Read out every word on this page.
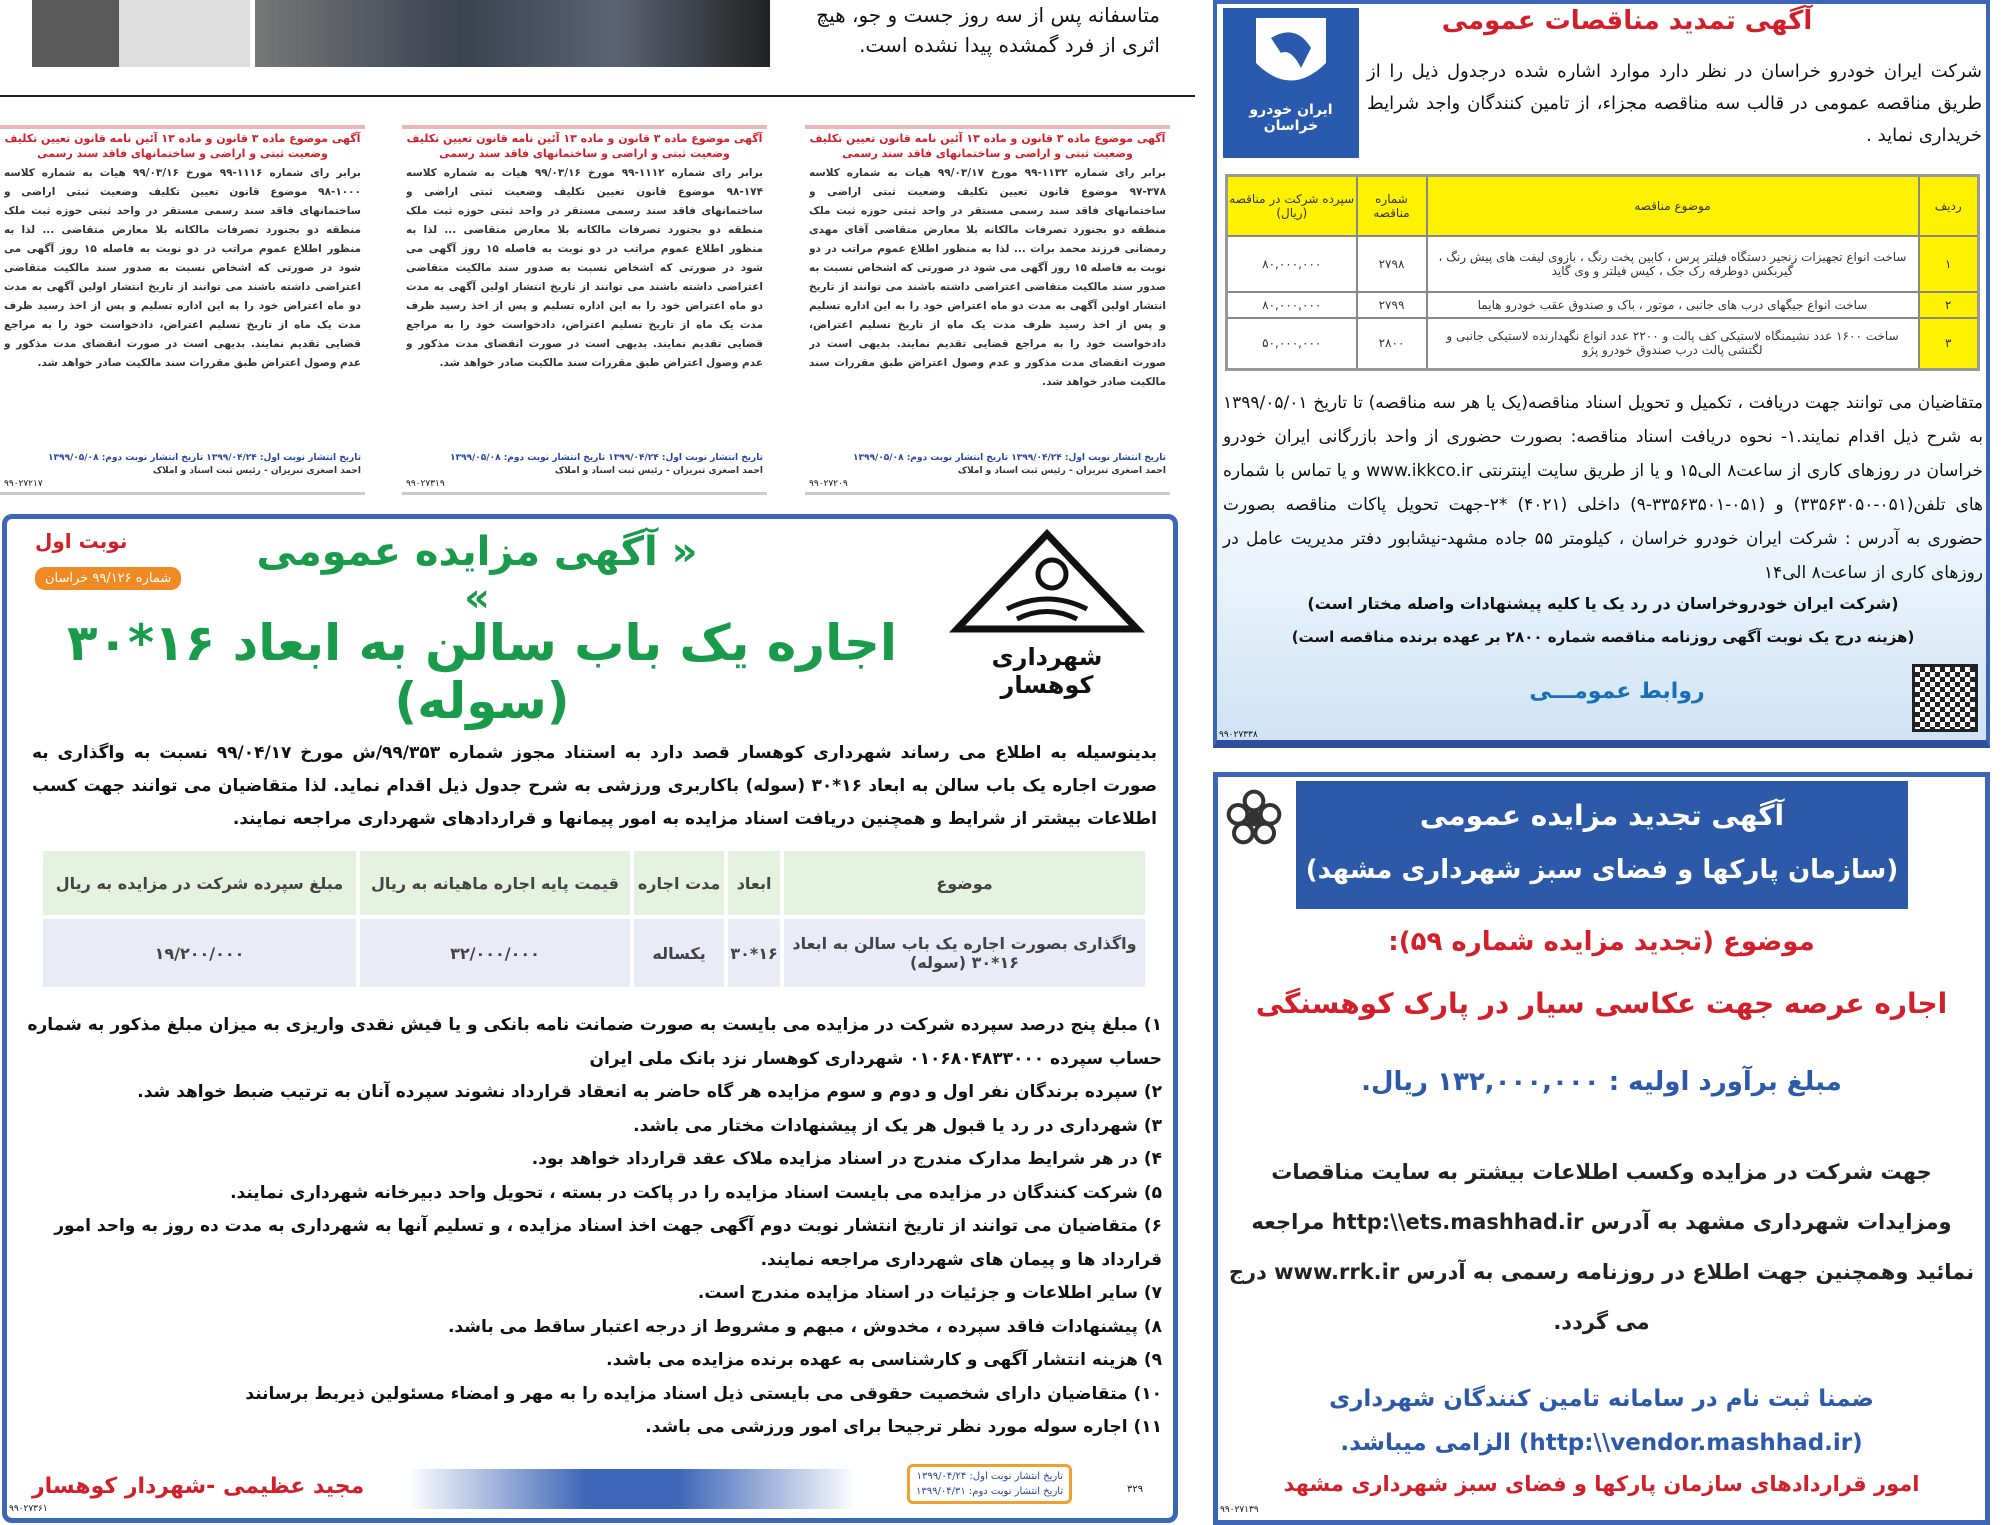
متاسفانه پس از سه روز جست و جو، هیچ اثری از فرد گمشده پیدا نشده است.
آگهی موضوع ماده ۳ قانون و ماده ۱۳ آئین نامه قانون تعیین تکلیف وضعیت ثبتی و اراضی و ساختمانهای فاقد سند رسمی
برابر رای شماره ۱۱۱۶-۹۹ مورخ ۹۹/۰۳/۱۶ هیات به شماره کلاسه ۱۰۰۰-۹۸ موضوع قانون تعیین تکلیف وضعیت ثبتی اراضی و ساختمانهای فاقد سند رسمی مستقر در واحد ثبتی حوزه ثبت ملک منطقه دو بجنورد تصرفات مالکانه بلا معارض متقاضی ... لذا به منظور اطلاع عموم مراتب در دو نوبت به فاصله ۱۵ روز آگهی می شود در صورتی که اشخاص نسبت به صدور سند مالکیت متقاضی اعتراضی داشته باشند می توانند از تاریخ انتشار اولین آگهی به مدت دو ماه اعتراض خود را به این اداره تسلیم و پس از اخذ رسید ظرف مدت یک ماه از تاریخ تسلیم اعتراض، دادخواست خود را به مراجع قضایی تقدیم نمایند. بدیهی است در صورت انقضای مدت مذکور و عدم وصول اعتراض طبق مقررات سند مالکیت صادر خواهد شد.
تاریخ انتشار نوبت اول: ۱۳۹۹/۰۴/۲۴ تاریخ انتشار نوبت دوم: ۱۳۹۹/۰۵/۰۸
احمد اصغری تبریزان - رئیس ثبت اسناد و املاک
۹۹۰۲۷۲۱۷
آگهی موضوع ماده ۳ قانون و ماده ۱۳ آئین نامه قانون تعیین تکلیف وضعیت ثبتی و اراضی و ساختمانهای فاقد سند رسمی
برابر رای شماره ۱۱۱۲-۹۹ مورخ ۹۹/۰۳/۱۶ هیات به شماره کلاسه ۱۷۴-۹۸ موضوع قانون تعیین تکلیف وضعیت ثبتی اراضی و ساختمانهای فاقد سند رسمی مستقر در واحد ثبتی حوزه ثبت ملک منطقه دو بجنورد تصرفات مالکانه بلا معارض متقاضی ... لذا به منظور اطلاع عموم مراتب در دو نوبت به فاصله ۱۵ روز آگهی می شود در صورتی که اشخاص نسبت به صدور سند مالکیت متقاضی اعتراضی داشته باشند می توانند از تاریخ انتشار اولین آگهی به مدت دو ماه اعتراض خود را به این اداره تسلیم و پس از اخذ رسید ظرف مدت یک ماه از تاریخ تسلیم اعتراض، دادخواست خود را به مراجع قضایی تقدیم نمایند. بدیهی است در صورت انقضای مدت مذکور و عدم وصول اعتراض طبق مقررات سند مالکیت صادر خواهد شد.
تاریخ انتشار نوبت اول: ۱۳۹۹/۰۴/۲۴ تاریخ انتشار نوبت دوم: ۱۳۹۹/۰۵/۰۸
احمد اصغری تبریزان - رئیس ثبت اسناد و املاک
۹۹۰۲۷۳۱۹
آگهی موضوع ماده ۳ قانون و ماده ۱۳ آئین نامه قانون تعیین تکلیف وضعیت ثبتی و اراضی و ساختمانهای فاقد سند رسمی
برابر رای شماره ۱۱۳۲-۹۹ مورخ ۹۹/۰۳/۱۷ هیات به شماره کلاسه ۳۷۸-۹۷ موضوع قانون تعیین تکلیف وضعیت ثبتی اراضی و ساختمانهای فاقد سند رسمی مستقر در واحد ثبتی حوزه ثبت ملک منطقه دو بجنورد تصرفات مالکانه بلا معارض متقاضی آقای مهدی رمضانی فرزند محمد برات ... لذا به منظور اطلاع عموم مراتب در دو نوبت به فاصله ۱۵ روز آگهی می شود در صورتی که اشخاص نسبت به صدور سند مالکیت متقاضی اعتراضی داشته باشند می توانند از تاریخ انتشار اولین آگهی به مدت دو ماه اعتراض خود را به این اداره تسلیم و پس از اخذ رسید ظرف مدت یک ماه از تاریخ تسلیم اعتراض، دادخواست خود را به مراجع قضایی تقدیم نمایند. بدیهی است در صورت انقضای مدت مذکور و عدم وصول اعتراض طبق مقررات سند مالکیت صادر خواهد شد.
تاریخ انتشار نوبت اول: ۱۳۹۹/۰۴/۲۴ تاریخ انتشار نوبت دوم: ۱۳۹۹/۰۵/۰۸
احمد اصغری تبریزان - رئیس ثبت اسناد و املاک
۹۹۰۲۷۲۰۹
نوبت اول
شماره ۹۹/۱۲۶ خراسان
« آگهی مزایده عمومی »
اجاره یک باب سالن به ابعاد ۱۶*۳۰ (سوله)
شهرداری کوهسار
بدینوسیله به اطلاع می رساند شهرداری کوهسار قصد دارد به استناد مجوز شماره ۹۹/۳۵۳/ش مورخ ۹۹/۰۴/۱۷ نسبت به واگذاری به صورت اجاره یک باب سالن به ابعاد ۱۶*۳۰ (سوله) باکاربری ورزشی به شرح جدول ذیل اقدام نماید. لذا متقاضیان می توانند جهت کسب اطلاعات بیشتر از شرایط و همچنین دریافت اسناد مزایده به امور پیمانها و قراردادهای شهرداری مراجعه نمایند.
موضوع	ابعاد	مدت اجاره	قیمت پایه اجاره ماهیانه به ریال	مبلغ سپرده شرکت در مزایده به ریال
واگذاری بصورت اجاره یک باب سالن به ابعاد ۱۶*۳۰ (سوله)	۱۶*۳۰	یکساله	۳۲/۰۰۰/۰۰۰	۱۹/۲۰۰/۰۰۰
۱) مبلغ پنج درصد سپرده شرکت در مزایده می بایست به صورت ضمانت نامه بانکی و یا فیش نقدی واریزی به میزان مبلغ مذکور به شماره حساب سپرده ۰۱۰۶۸۰۴۸۳۳۰۰۰ شهرداری کوهسار نزد بانک ملی ایران
۲) سپرده برندگان نفر اول و دوم و سوم مزایده هر گاه حاضر به انعقاد قرارداد نشوند سپرده آنان به ترتیب ضبط خواهد شد.
۳) شهرداری در رد یا قبول هر یک از پیشنهادات مختار می باشد.
۴) در هر شرایط مدارک مندرج در اسناد مزایده ملاک عقد قرارداد خواهد بود.
۵) شرکت کنندگان در مزایده می بایست اسناد مزایده را در پاکت در بسته ، تحویل واحد دبیرخانه شهرداری نمایند.
۶) متقاضیان می توانند از تاریخ انتشار نوبت دوم آگهی جهت اخذ اسناد مزایده ، و تسلیم آنها به شهرداری به مدت ده روز به واحد امور قرارداد ها و پیمان های شهرداری مراجعه نمایند.
۷) سایر اطلاعات و جزئیات در اسناد مزایده مندرج است.
۸) پیشنهادات فاقد سپرده ، مخدوش ، مبهم و مشروط از درجه اعتبار ساقط می باشد.
۹) هزینه انتشار آگهی و کارشناسی به عهده برنده مزایده می باشد.
۱۰) متقاضیان دارای شخصیت حقوقی می بایستی ذیل اسناد مزایده را به مهر و امضاء مسئولین ذیربط برسانند
۱۱) اجاره سوله مورد نظر ترجیحا برای امور ورزشی می باشد.
مجید عظیمی -شهردار کوهسار	تاریخ انتشار نوبت اول: ۱۳۹۹/۰۴/۲۴
تاریخ انتشار نوبت دوم: ۱۳۹۹/۰۴/۳۱	۳۲۹
۹۹۰۲۷۳۶۱
ایران خودرو خراسان
آگهی تمدید مناقصات عمومی
شرکت ایران خودرو خراسان در نظر دارد موارد اشاره شده درجدول ذیل را از طریق مناقصه عمومی در قالب سه مناقصه مجزاء، از تامین کنندگان واجد شرایط خریداری نماید .
ردیف	موضوع مناقصه	شماره مناقصه	سپرده شرکت در مناقصه (ریال)
۱	ساخت انواع تجهیزات زنجیر دستگاه فیلتر پرس ، کابین پخت رنگ ، بازوی لیفت های پیش رنگ ، گیربکس دوطرفه رک جک ، کیس فیلتر و وی گاید	۲۷۹۸	۸۰,۰۰۰,۰۰۰
۲	ساخت انواع جیگهای درب های جانبی ، موتور ، باک و صندوق عقب خودرو هایما	۲۷۹۹	۸۰,۰۰۰,۰۰۰
۳	ساخت ۱۶۰۰ عدد نشیمنگاه لاستیکی کف پالت و ۲۲۰۰ عدد انواع نگهدارنده لاستیکی جانبی و لگتشی پالت درب صندوق خودرو پژو	۲۸۰۰	۵۰,۰۰۰,۰۰۰
متقاضیان می توانند جهت دریافت ، تکمیل و تحویل اسناد مناقصه(یک یا هر سه مناقصه) تا تاریخ ۱۳۹۹/۰۵/۰۱ به شرح ذیل اقدام نمایند.۱- نحوه دریافت اسناد مناقصه: بصورت حضوری از واحد بازرگانی ایران خودرو خراسان در روزهای کاری از ساعت۸ الی۱۵ و یا از طریق سایت اینترنتی www.ikkco.ir و یا تماس با شماره های تلفن(۰۵۱-۳۳۵۶۳۰۵۰) و (۰۵۱-۳۳۵۶۳۵۰۱-۹) داخلی (۴۰۲۱) *۲-جهت تحویل پاکات مناقصه بصورت حضوری به آدرس : شرکت ایران خودرو خراسان ، کیلومتر ۵۵ جاده مشهد-نیشابور دفتر مدیریت عامل در روزهای کاری از ساعت۸ الی۱۴
(شرکت ایران خودروخراسان در رد یک یا کلیه پیشنهادات واصله مختار است)
(هزینه درج یک نوبت آگهی روزنامه مناقصه شماره ۲۸۰۰ بر عهده برنده مناقصه است)
روابط عمومـــی
۹۹۰۲۷۳۳۸
آگهی تجدید مزایده عمومی
(سازمان پارکها و فضای سبز شهرداری مشهد)
موضوع (تجدید مزایده شماره ۵۹):
اجاره عرصه جهت عکاسی سیار در پارک کوهسنگی
مبلغ برآورد اولیه : ۱۳۲,۰۰۰,۰۰۰ ریال.
جهت شرکت در مزایده وکسب اطلاعات بیشتر به سایت مناقصات ومزایدات شهرداری مشهد به آدرس http:\\ets.mashhad.ir مراجعه نمائید وهمچنین جهت اطلاع در روزنامه رسمی به آدرس www.rrk.ir درج می گردد.
ضمنا ثبت نام در سامانه تامین کنندگان شهرداری (http:\\vendor.mashhad.ir) الزامی میباشد.
امور قراردادهای سازمان پارکها و فضای سبز شهرداری مشهد
۹۹۰۲۷۱۳۹
